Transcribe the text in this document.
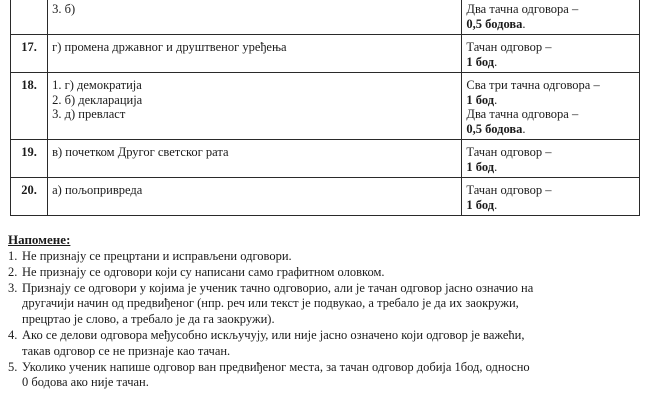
	3. б)	Два тачна одговора –
0,5 бодова.

17.	г) промена државног и друштвеног уређења	Тачан одговор –
1 бод.

18.	1. г) демократија
2. б) декларација
3. д) превласт	Сва три тачна одговора –
1 бод.
Два тачна одговора –
0,5 бодова.

19.	в) почетком Другог светског рата	Тачан одговор –
1 бод.

20.	а) пољопривреда	Тачан одговор –
1 бод.
Напомене:
1. Не признају се прецртани и исправљени одговори.
2. Не признају се одговори који су написани само графитном оловком.
3. Признају се одговори у којима је ученик тачно одговорио, али је тачан одговор јасно означио на
другачији начин од предвиђеног (нпр. реч или текст је подвукао, а требало је да их заокружи,
прецртао је слово, а требало је да га заокружи).
4. Ако се делови одговора међусобно искључују, или није јасно означено који одговор је важећи,
такав одговор се не признаје као тачан.
5. Уколико ученик напише одговор ван предвиђеног места, за тачан одговор добија 1бод, односно
0 бодова ако није тачан.
